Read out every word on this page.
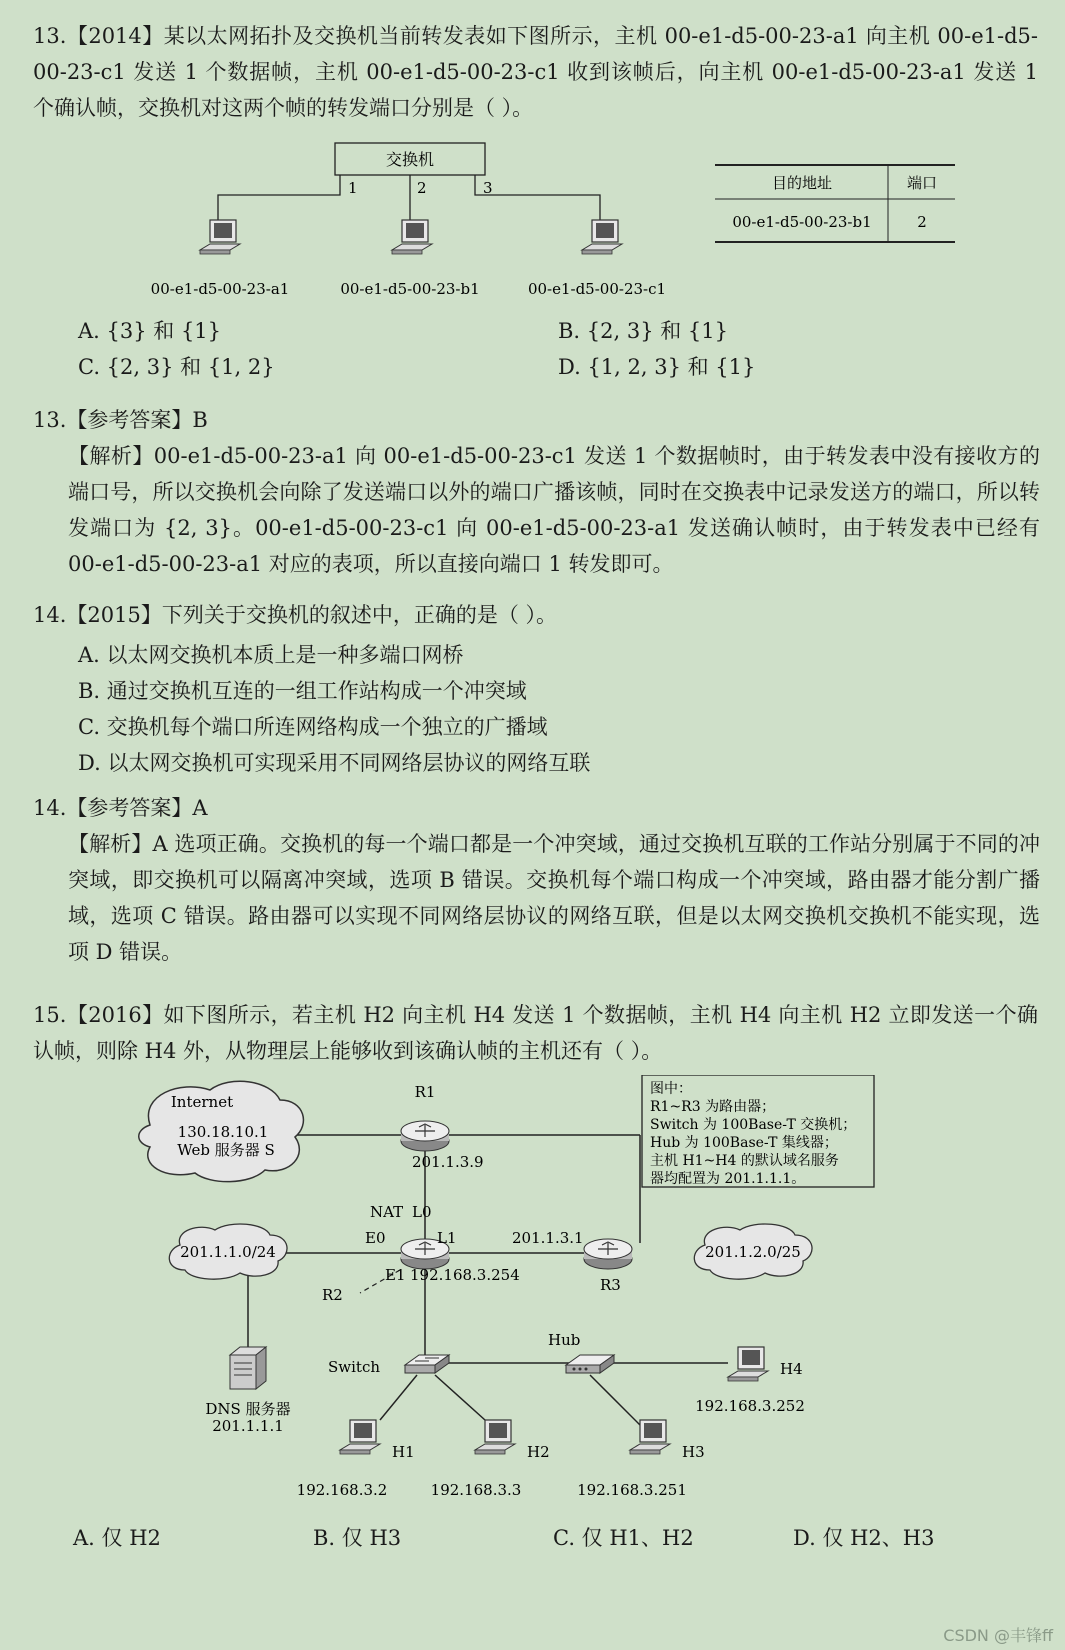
13.【2014】某以太网拓扑及交换机当前转发表如下图所示，主机 00-e1-d5-00-23-a1 向主机 00-e1-d5-00-23-c1 发送 1 个数据帧，主机 00-e1-d5-00-23-c1 收到该帧后，向主机 00-e1-d5-00-23-a1 发送 1 个确认帧，交换机对这两个帧的转发端口分别是（ ）。

交换机
1	2	3
00-e1-d5-00-23-a1	00-e1-d5-00-23-b1	00-e1-d5-00-23-c1
目的地址	端口
00-e1-d5-00-23-b1	2
A. {3} 和 {1}	B. {2, 3} 和 {1}
C. {2, 3} 和 {1, 2}	D. {1, 2, 3} 和 {1}

13.【参考答案】B

【解析】00-e1-d5-00-23-a1 向 00-e1-d5-00-23-c1 发送 1 个数据帧时，由于转发表中没有接收方的端口号，所以交换机会向除了发送端口以外的端口广播该帧，同时在交换表中记录发送方的端口，所以转发端口为 {2, 3}。00-e1-d5-00-23-c1 向 00-e1-d5-00-23-a1 发送确认帧时，由于转发表中已经有 00-e1-d5-00-23-a1 对应的表项，所以直接向端口 1 转发即可。

14.【2015】下列关于交换机的叙述中，正确的是（ ）。

A. 以太网交换机本质上是一种多端口网桥
B. 通过交换机互连的一组工作站构成一个冲突域
C. 交换机每个端口所连网络构成一个独立的广播域
D. 以太网交换机可实现采用不同网络层协议的网络互联

14.【参考答案】A

【解析】A 选项正确。交换机的每一个端口都是一个冲突域，通过交换机互联的工作站分别属于不同的冲突域，即交换机可以隔离冲突域，选项 B 错误。交换机每个端口构成一个冲突域，路由器才能分割广播域，选项 C 错误。路由器可以实现不同网络层协议的网络互联，但是以太网交换机交换机不能实现，选项 D 错误。

15.【2016】如下图所示，若主机 H2 向主机 H4 发送 1 个数据帧，主机 H4 向主机 H2 立即发送一个确认帧，则除 H4 外，从物理层上能够收到该确认帧的主机还有（ ）。

Internet
130.18.10.1
Web 服务器 S
R1
201.1.3.9
图中：
R1~R3 为路由器；
Switch 为 100Base-T 交换机；
Hub 为 100Base-T 集线器；
主机 H1~H4 的默认域名服务
器均配置为 201.1.1.1。
NAT L0
E0	L1
E1 192.168.3.254
R2
201.1.3.1
R3
201.1.1.0/24	201.1.2.0/25
DNS 服务器
201.1.1.1
Switch
Hub
H4
192.168.3.252
H1
192.168.3.2
H2
192.168.3.3
H3
192.168.3.251
A. 仅 H2	B. 仅 H3	C. 仅 H1、H2	D. 仅 H2、H3
CSDN @丰锋ff
